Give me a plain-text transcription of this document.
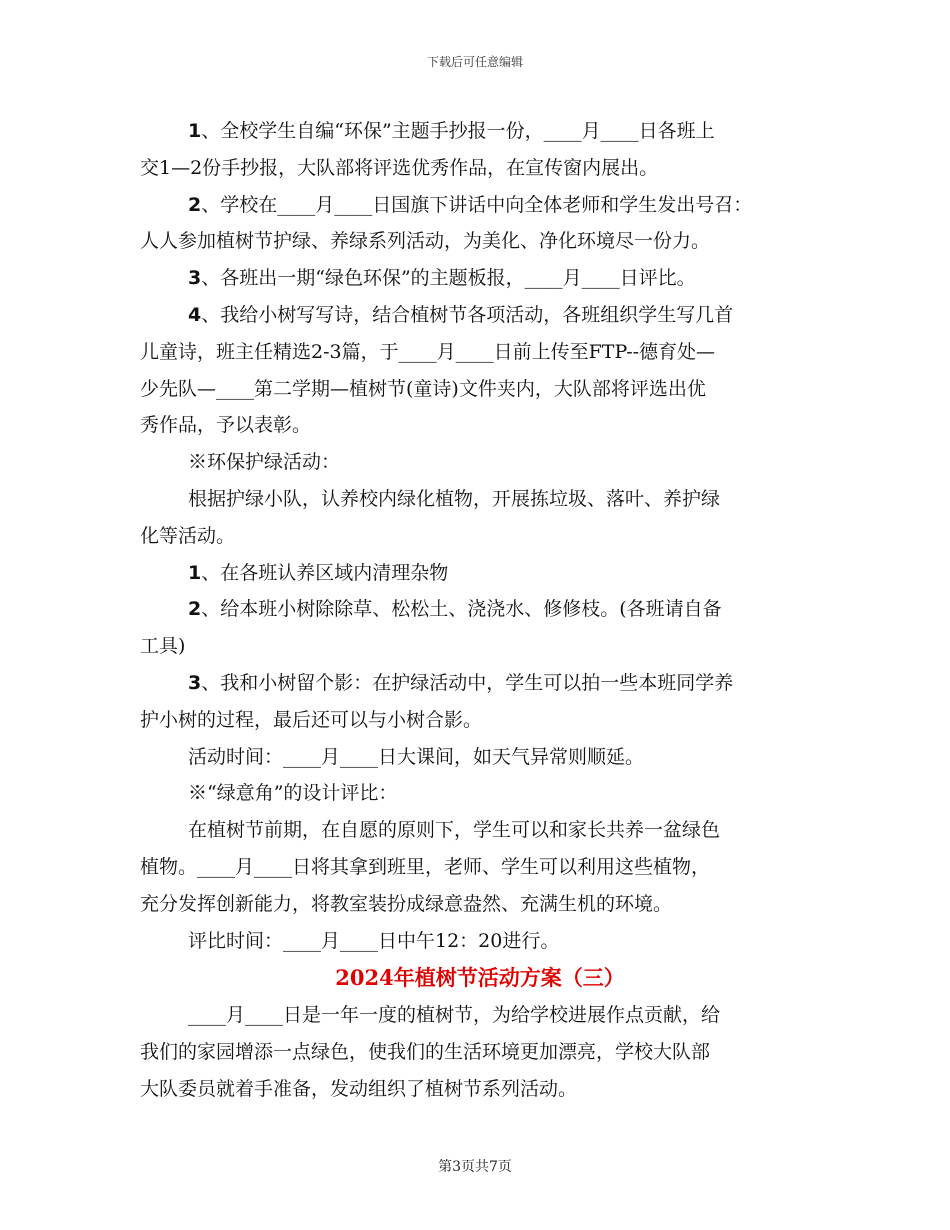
下载后可任意编辑
1、全校学生自编“环保”主题手抄报一份，____月____日各班上
交1—2份手抄报，大队部将评选优秀作品，在宣传窗内展出。
2、学校在____月____日国旗下讲话中向全体老师和学生发出号召：
人人参加植树节护绿、养绿系列活动，为美化、净化环境尽一份力。
3、各班出一期“绿色环保”的主题板报，____月____日评比。
4、我给小树写写诗，结合植树节各项活动，各班组织学生写几首
儿童诗，班主任精选2-3篇，于____月____日前上传至FTP--德育处—
少先队—____第二学期—植树节(童诗)文件夹内，大队部将评选出优
秀作品，予以表彰。
※环保护绿活动：
根据护绿小队，认养校内绿化植物，开展拣垃圾、落叶、养护绿
化等活动。
1、在各班认养区域内清理杂物
2、给本班小树除除草、松松土、浇浇水、修修枝。(各班请自备
工具)
3、我和小树留个影：在护绿活动中，学生可以拍一些本班同学养
护小树的过程，最后还可以与小树合影。
活动时间：____月____日大课间，如天气异常则顺延。
※“绿意角”的设计评比：
在植树节前期，在自愿的原则下，学生可以和家长共养一盆绿色
植物。____月____日将其拿到班里，老师、学生可以利用这些植物，
充分发挥创新能力，将教室装扮成绿意盎然、充满生机的环境。
评比时间：____月____日中午12：20进行。
2024年植树节活动方案（三）
____月____日是一年一度的植树节，为给学校进展作点贡献，给
我们的家园增添一点绿色，使我们的生活环境更加漂亮，学校大队部
大队委员就着手准备，发动组织了植树节系列活动。
第3页共7页
